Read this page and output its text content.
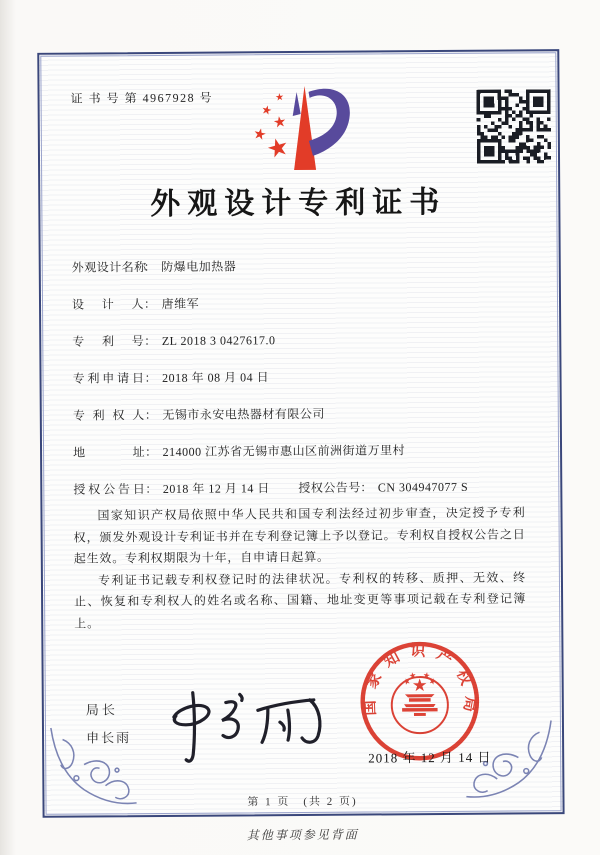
证 书 号 第 4967928 号
外观设计专利证书
外观设计名称： 防爆电加热器
设计人： 唐维军
专利号： ZL 2018 3 0427617.0
专利申请日： 2018 年 08 月 04 日
专利权人： 无锡市永安电热器材有限公司
地址： 214000 江苏省无锡市惠山区前洲街道万里村
授权公告日： 2018 年 12 月 14 日 授权公告号： CN 304947077 S

国家知识产权局依照中华人民共和国专利法经过初步审查，决定授予专利权，颁发外观设计专利证书并在专利登记簿上予以登记。专利权自授权公告之日起生效。专利权期限为十年，自申请日起算。

专利证书记载专利权登记时的法律状况。专利权的转移、质押、无效、终止、恢复和专利权人的姓名或名称、国籍、地址变更等事项记载在专利登记簿上。

局长
申长雨
国家知识产权局
2018 年 12 月 14 日
第 1 页　(共 2 页)
其他事项参见背面
